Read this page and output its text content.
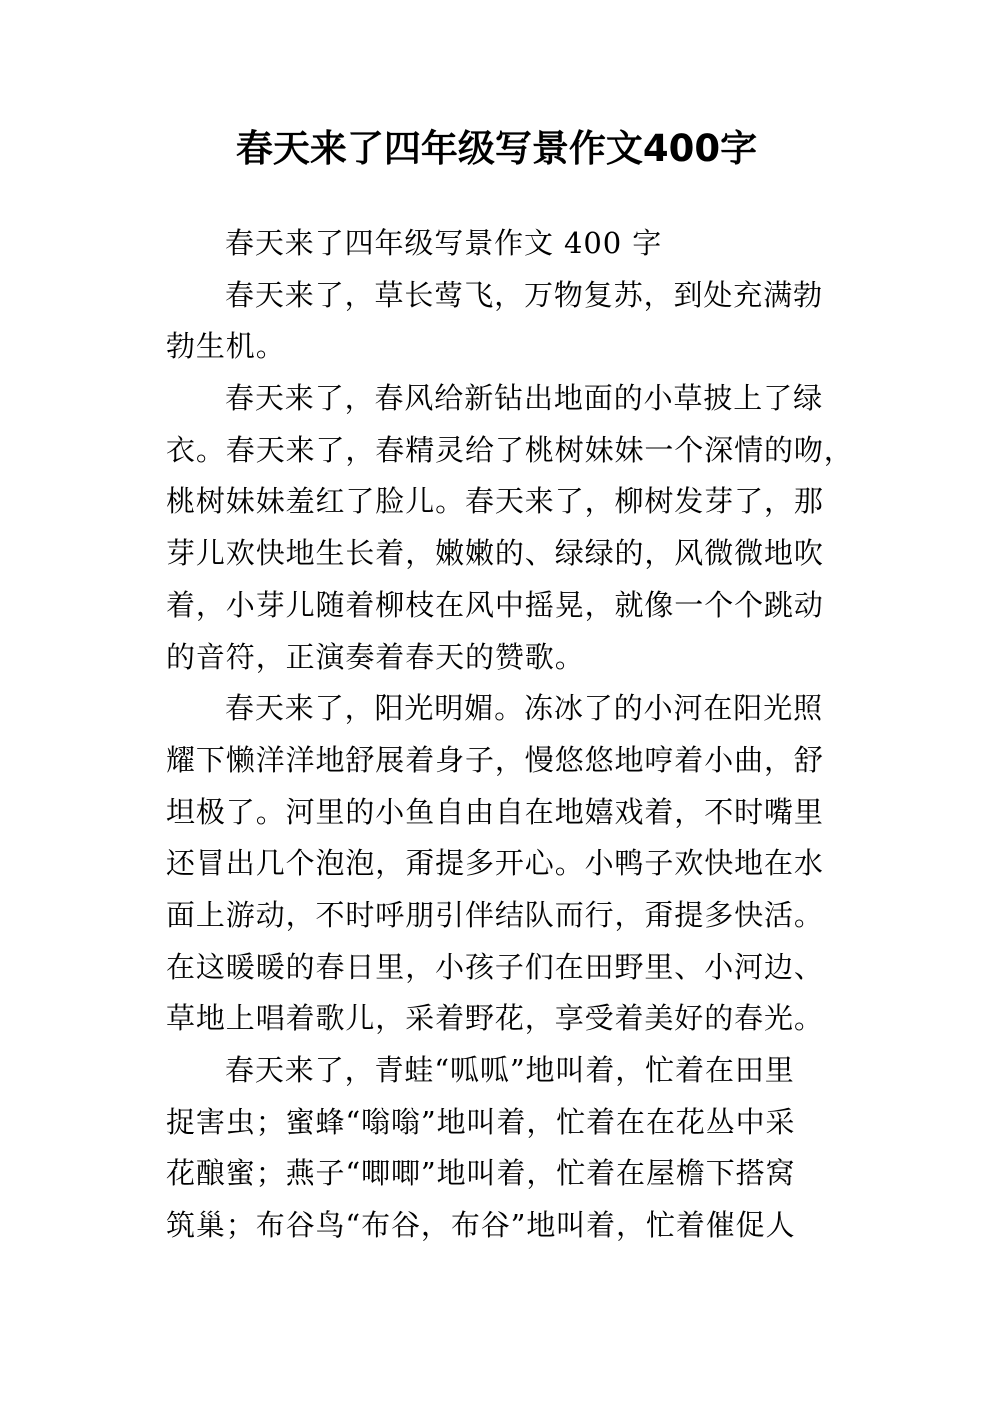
春天来了四年级写景作文400字
春天来了四年级写景作文 400 字
春天来了，草长莺飞，万物复苏，到处充满勃
勃生机。
春天来了，春风给新钻出地面的小草披上了绿
衣。春天来了，春精灵给了桃树妹妹一个深情的吻，
桃树妹妹羞红了脸儿。春天来了，柳树发芽了，那
芽儿欢快地生长着，嫩嫩的、绿绿的，风微微地吹
着，小芽儿随着柳枝在风中摇晃，就像一个个跳动
的音符，正演奏着春天的赞歌。
春天来了，阳光明媚。冻冰了的小河在阳光照
耀下懒洋洋地舒展着身子，慢悠悠地哼着小曲，舒
坦极了。河里的小鱼自由自在地嬉戏着，不时嘴里
还冒出几个泡泡，甭提多开心。小鸭子欢快地在水
面上游动，不时呼朋引伴结队而行，甭提多快活。
在这暖暖的春日里，小孩子们在田野里、小河边、
草地上唱着歌儿，采着野花，享受着美好的春光。
春天来了，青蛙“呱呱”地叫着，忙着在田里
捉害虫；蜜蜂“嗡嗡”地叫着，忙着在在花丛中采
花酿蜜；燕子“唧唧”地叫着，忙着在屋檐下搭窝
筑巢；布谷鸟“布谷，布谷”地叫着，忙着催促人
